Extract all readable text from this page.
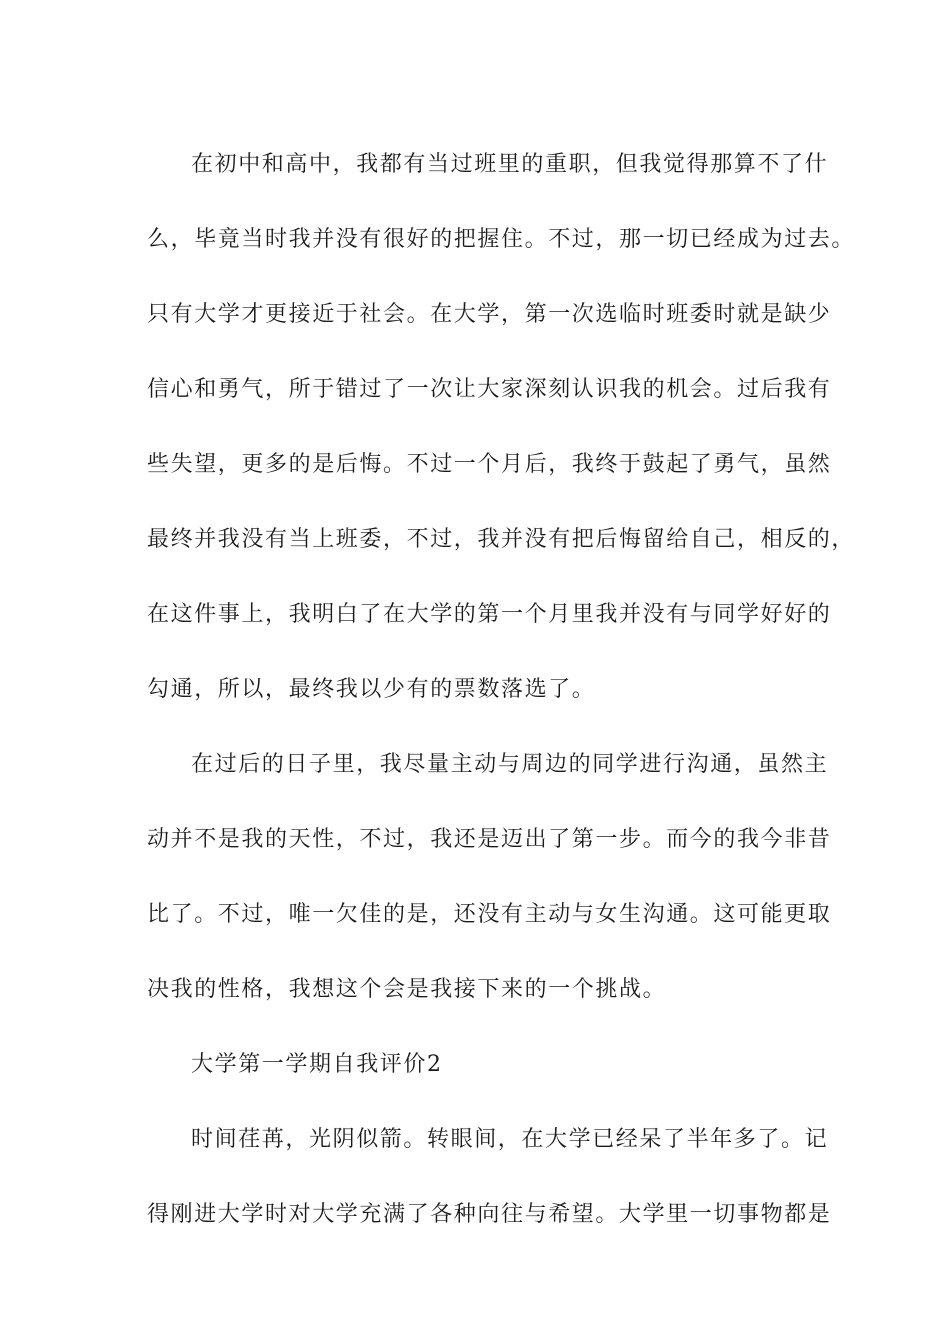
在初中和高中，我都有当过班里的重职，但我觉得那算不了什
么，毕竟当时我并没有很好的把握住。不过，那一切已经成为过去。
只有大学才更接近于社会。在大学，第一次选临时班委时就是缺少
信心和勇气，所于错过了一次让大家深刻认识我的机会。过后我有
些失望，更多的是后悔。不过一个月后，我终于鼓起了勇气，虽然
最终并我没有当上班委，不过，我并没有把后悔留给自己，相反的，
在这件事上，我明白了在大学的第一个月里我并没有与同学好好的
勾通，所以，最终我以少有的票数落选了。
在过后的日子里，我尽量主动与周边的同学进行沟通，虽然主
动并不是我的天性，不过，我还是迈出了第一步。而今的我今非昔
比了。不过，唯一欠佳的是，还没有主动与女生沟通。这可能更取
决我的性格，我想这个会是我接下来的一个挑战。
大学第一学期自我评价2
时间荏苒，光阴似箭。转眼间，在大学已经呆了半年多了。记
得刚进大学时对大学充满了各种向往与希望。大学里一切事物都是
